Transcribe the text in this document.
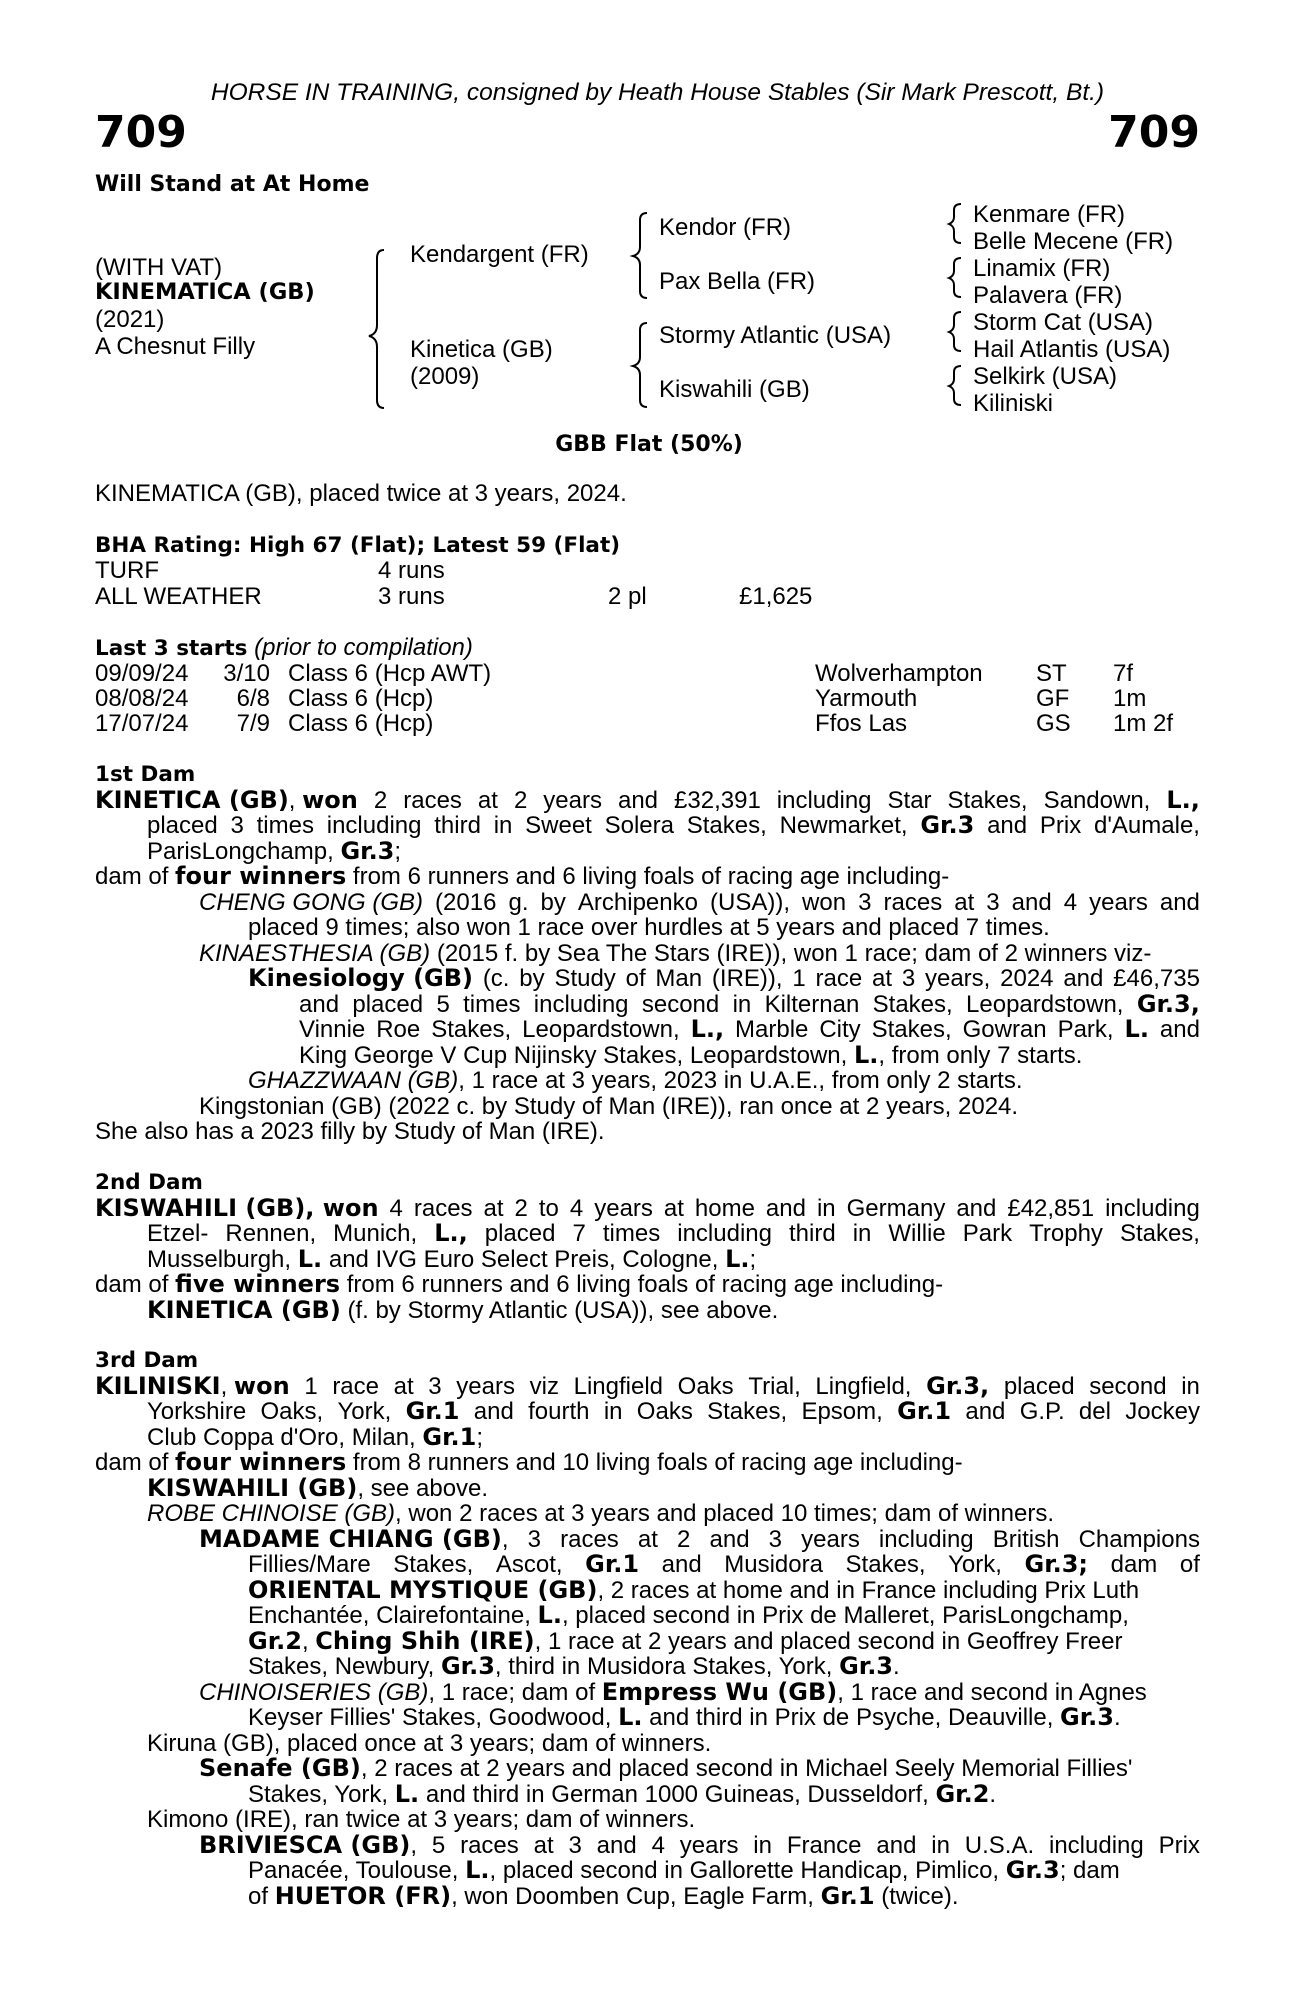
HORSE IN TRAINING, consigned by Heath House Stables (Sir Mark Prescott, Bt.)
709	709
Will Stand at At Home
(WITH VAT)
KINEMATICA (GB)
(2021)
A Chesnut Filly
Kendargent (FR)
Kinetica (GB)
(2009)
Kendor (FR)
Pax Bella (FR)
Stormy Atlantic (USA)
Kiswahili (GB)
Kenmare (FR)
Belle Mecene (FR)
Linamix (FR)
Palavera (FR)
Storm Cat (USA)
Hail Atlantis (USA)
Selkirk (USA)
Kiliniski
GBB Flat (50%)
KINEMATICA (GB), placed twice at 3 years, 2024.
BHA Rating: High 67 (Flat); Latest 59 (Flat)
TURF	4 runs
ALL WEATHER	3 runs	2 pl	£1,625
Last 3 starts (prior to compilation)
09/09/24 3/10 Class 6 (Hcp AWT)	Wolverhampton ST 7f
08/08/24	6/8 Class 6 (Hcp)	Yarmouth	GF 1m
17/07/24	7/9 Class 6 (Hcp)	Ffos Las	GS 1m 2f
1st Dam
KINETICA (GB), won 2 races at 2 years and £32,391 including Star Stakes, Sandown, L.,
placed 3 times including third in Sweet Solera Stakes, Newmarket, Gr.3 and Prix d'Aumale,
ParisLongchamp, Gr.3;
dam of four winners from 6 runners and 6 living foals of racing age including-
CHENG GONG (GB) (2016 g. by Archipenko (USA)), won 3 races at 3 and 4 years and
placed 9 times; also won 1 race over hurdles at 5 years and placed 7 times.
KINAESTHESIA (GB) (2015 f. by Sea The Stars (IRE)), won 1 race; dam of 2 winners viz-
Kinesiology (GB) (c. by Study of Man (IRE)), 1 race at 3 years, 2024 and £46,735
and placed 5 times including second in Kilternan Stakes, Leopardstown, Gr.3,
Vinnie Roe Stakes, Leopardstown, L., Marble City Stakes, Gowran Park, L. and
King George V Cup Nijinsky Stakes, Leopardstown, L., from only 7 starts.
GHAZZWAAN (GB), 1 race at 3 years, 2023 in U.A.E., from only 2 starts.
Kingstonian (GB) (2022 c. by Study of Man (IRE)), ran once at 2 years, 2024.
She also has a 2023 filly by Study of Man (IRE).
2nd Dam
KISWAHILI (GB), won 4 races at 2 to 4 years at home and in Germany and £42,851 including
Etzel- Rennen, Munich, L., placed 7 times including third in Willie Park Trophy Stakes,
Musselburgh, L. and IVG Euro Select Preis, Cologne, L.;
dam of five winners from 6 runners and 6 living foals of racing age including-
KINETICA (GB) (f. by Stormy Atlantic (USA)), see above.
3rd Dam
KILINISKI, won 1 race at 3 years viz Lingfield Oaks Trial, Lingfield, Gr.3, placed second in
Yorkshire Oaks, York, Gr.1 and fourth in Oaks Stakes, Epsom, Gr.1 and G.P. del Jockey
Club Coppa d'Oro, Milan, Gr.1;
dam of four winners from 8 runners and 10 living foals of racing age including-
KISWAHILI (GB), see above.
ROBE CHINOISE (GB), won 2 races at 3 years and placed 10 times; dam of winners.
MADAME CHIANG (GB), 3 races at 2 and 3 years including British Champions
Fillies/Mare Stakes, Ascot, Gr.1 and Musidora Stakes, York, Gr.3; dam of
ORIENTAL MYSTIQUE (GB), 2 races at home and in France including Prix Luth
Enchantée, Clairefontaine, L., placed second in Prix de Malleret, ParisLongchamp,
Gr.2, Ching Shih (IRE), 1 race at 2 years and placed second in Geoffrey Freer
Stakes, Newbury, Gr.3, third in Musidora Stakes, York, Gr.3.
CHINOISERIES (GB), 1 race; dam of Empress Wu (GB), 1 race and second in Agnes
Keyser Fillies' Stakes, Goodwood, L. and third in Prix de Psyche, Deauville, Gr.3.
Kiruna (GB), placed once at 3 years; dam of winners.
Senafe (GB), 2 races at 2 years and placed second in Michael Seely Memorial Fillies'
Stakes, York, L. and third in German 1000 Guineas, Dusseldorf, Gr.2.
Kimono (IRE), ran twice at 3 years; dam of winners.
BRIVIESCA (GB), 5 races at 3 and 4 years in France and in U.S.A. including Prix
Panacée, Toulouse, L., placed second in Gallorette Handicap, Pimlico, Gr.3; dam
of HUETOR (FR), won Doomben Cup, Eagle Farm, Gr.1 (twice).
